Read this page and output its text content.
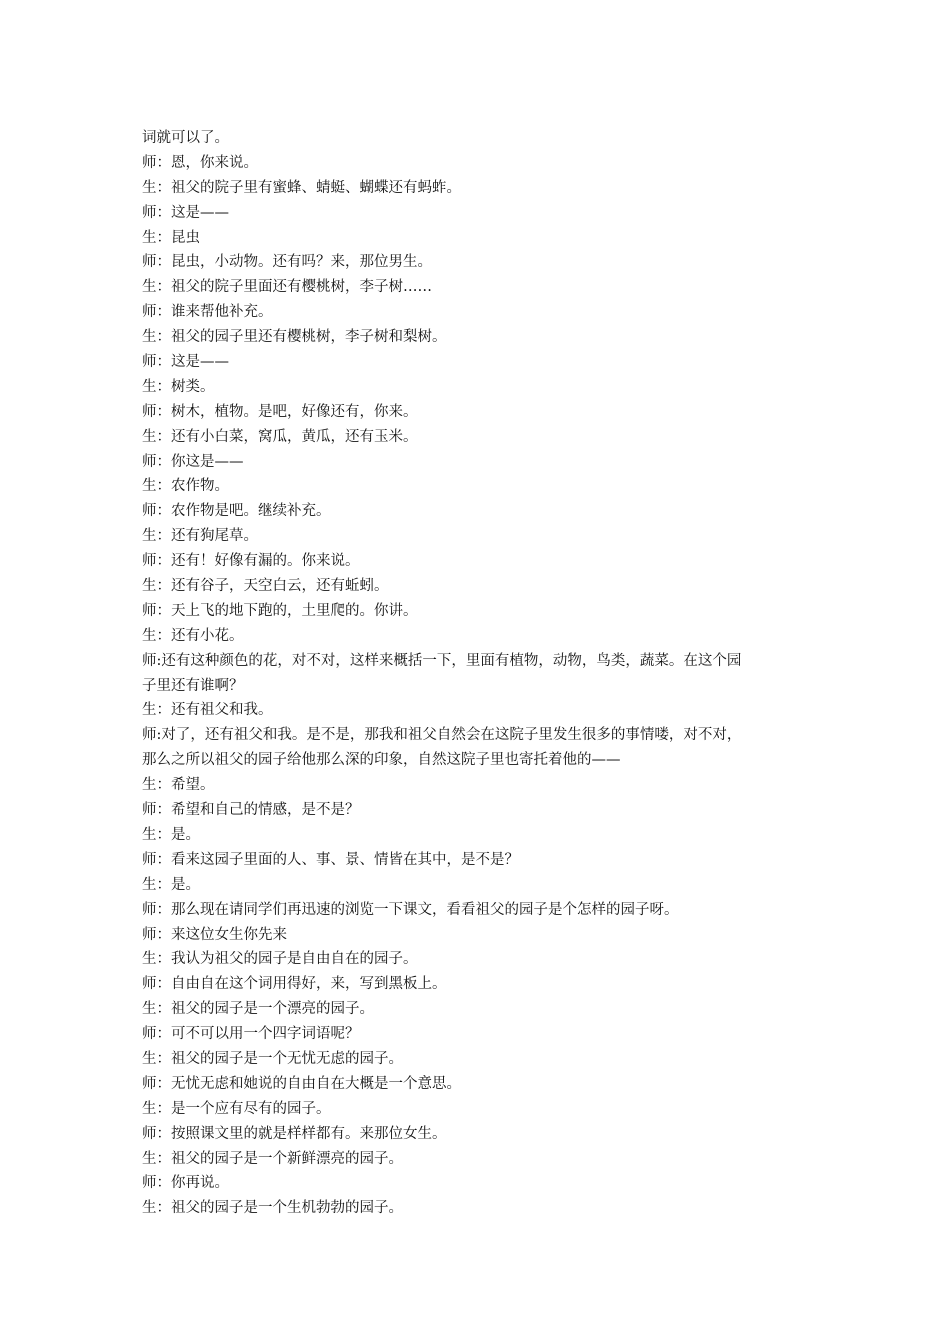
词就可以了。
师：恩，你来说。
生：祖父的院子里有蜜蜂、蜻蜓、蝴蝶还有蚂蚱。
师：这是——
生：昆虫
师：昆虫，小动物。还有吗？来，那位男生。
生：祖父的院子里面还有樱桃树，李子树……
师：谁来帮他补充。
生：祖父的园子里还有樱桃树，李子树和梨树。
师：这是——
生：树类。
师：树木，植物。是吧，好像还有，你来。
生：还有小白菜，窝瓜，黄瓜，还有玉米。
师：你这是——
生：农作物。
师：农作物是吧。继续补充。
生：还有狗尾草。
师：还有！好像有漏的。你来说。
生：还有谷子，天空白云，还有蚯蚓。
师：天上飞的地下跑的，土里爬的。你讲。
生：还有小花。
师:还有这种颜色的花，对不对，这样来概括一下，里面有植物，动物，鸟类，蔬菜。在这个园
子里还有谁啊？
生：还有祖父和我。
师:对了，还有祖父和我。是不是，那我和祖父自然会在这院子里发生很多的事情喽，对不对，
那么之所以祖父的园子给他那么深的印象，自然这院子里也寄托着他的——
生：希望。
师：希望和自己的情感，是不是？
生：是。
师：看来这园子里面的人、事、景、情皆在其中，是不是？
生：是。
师：那么现在请同学们再迅速的浏览一下课文，看看祖父的园子是个怎样的园子呀。
师：来这位女生你先来
生：我认为祖父的园子是自由自在的园子。
师：自由自在这个词用得好，来，写到黑板上。
生：祖父的园子是一个漂亮的园子。
师：可不可以用一个四字词语呢？
生：祖父的园子是一个无忧无虑的园子。
师：无忧无虑和她说的自由自在大概是一个意思。
生：是一个应有尽有的园子。
师：按照课文里的就是样样都有。来那位女生。
生：祖父的园子是一个新鲜漂亮的园子。
师：你再说。
生：祖父的园子是一个生机勃勃的园子。
